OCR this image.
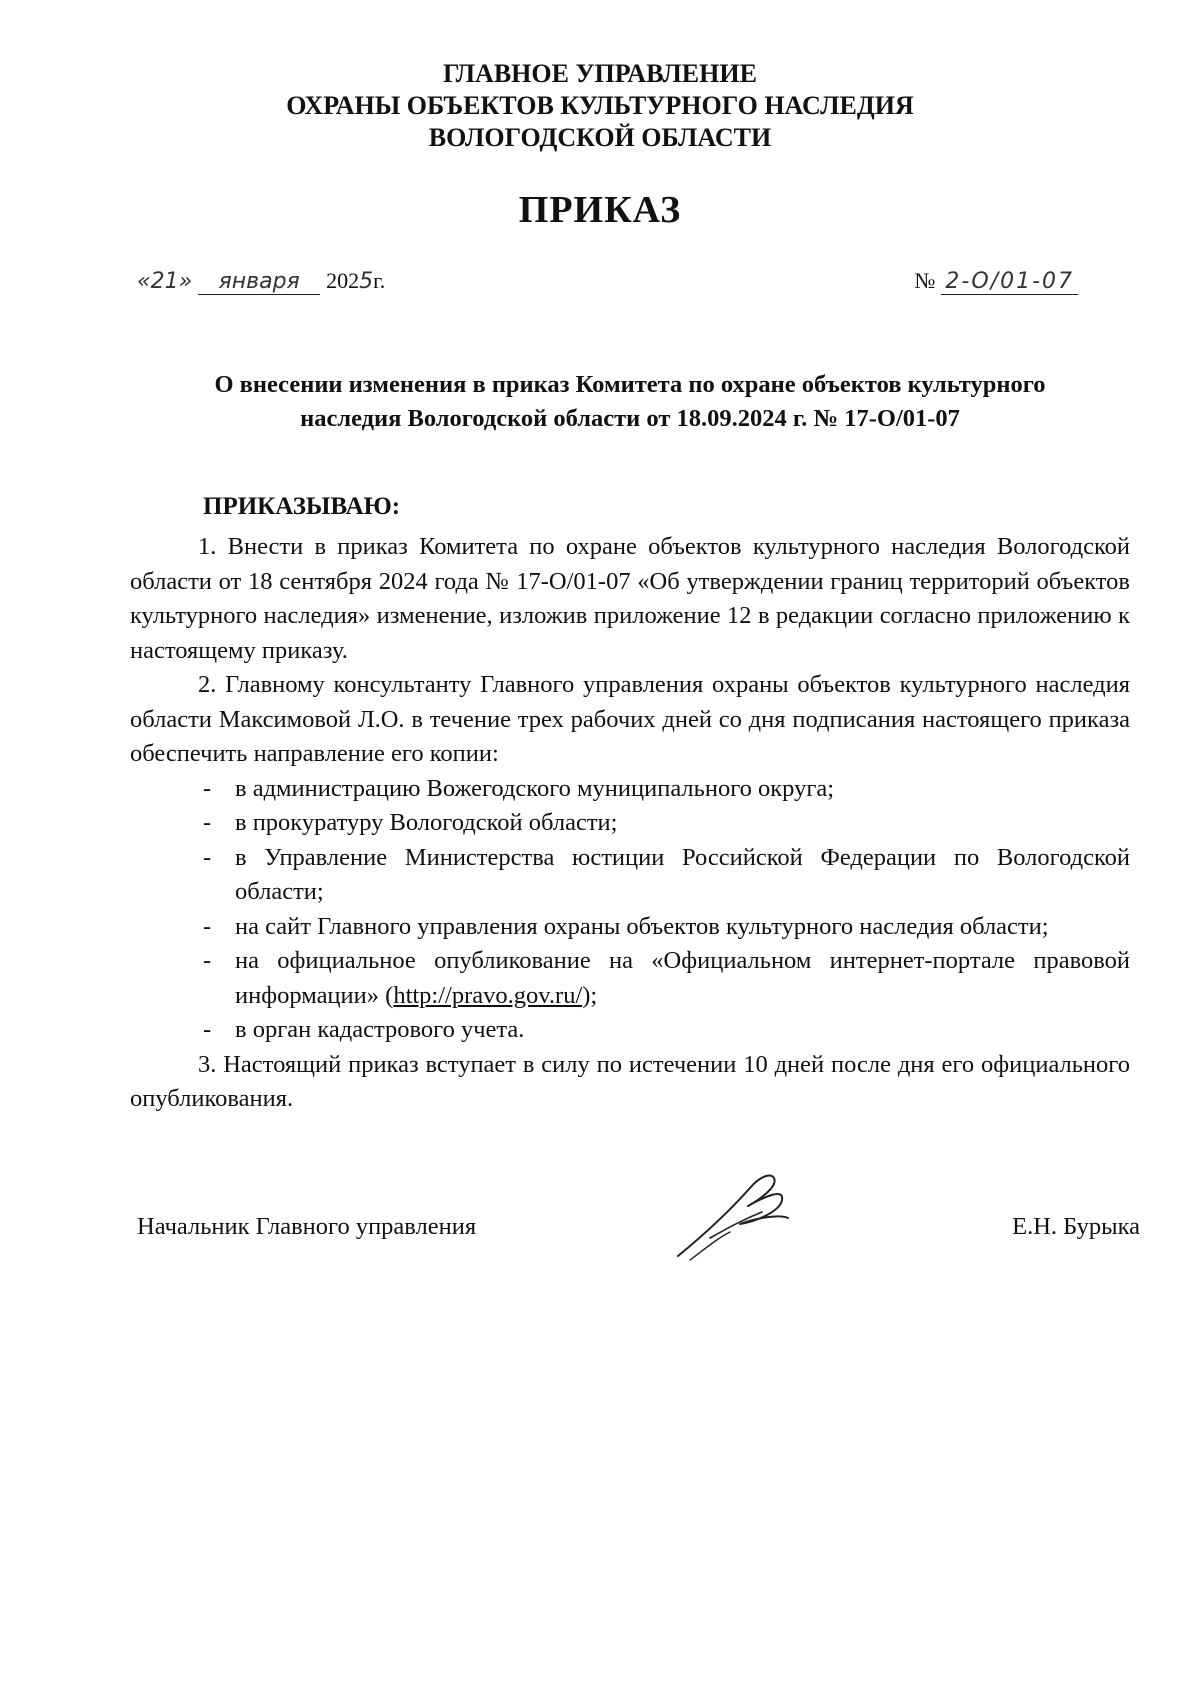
ГЛАВНОЕ УПРАВЛЕНИЕ
ОХРАНЫ ОБЪЕКТОВ КУЛЬТУРНОГО НАСЛЕДИЯ
ВОЛОГОДСКОЙ ОБЛАСТИ
ПРИКАЗ
«21» января 2025г.	№ 2-О/01-07
О внесении изменения в приказ Комитета по охране объектов культурного
наследия Вологодской области от 18.09.2024 г. № 17-О/01-07
ПРИКАЗЫВАЮ:

1. Внести в приказ Комитета по охране объектов культурного наследия Вологодской области от 18 сентября 2024 года № 17-О/01-07 «Об утверждении границ территорий объектов культурного наследия» изменение, изложив приложение 12 в редакции согласно приложению к настоящему приказу.

2. Главному консультанту Главного управления охраны объектов культурного наследия области Максимовой Л.О. в течение трех рабочих дней со дня подписания настоящего приказа обеспечить направление его копии:

- в администрацию Вожегодского муниципального округа;
- в прокуратуру Вологодской области;
- в Управление Министерства юстиции Российской Федерации по Вологодской области;
- на сайт Главного управления охраны объектов культурного наследия области;
- на официальное опубликование на «Официальном интернет-портале правовой информации» (http://pravo.gov.ru/);
- в орган кадастрового учета.

3. Настоящий приказ вступает в силу по истечении 10 дней после дня его официального опубликования.

Начальник Главного управления	Е.Н. Бурыка
